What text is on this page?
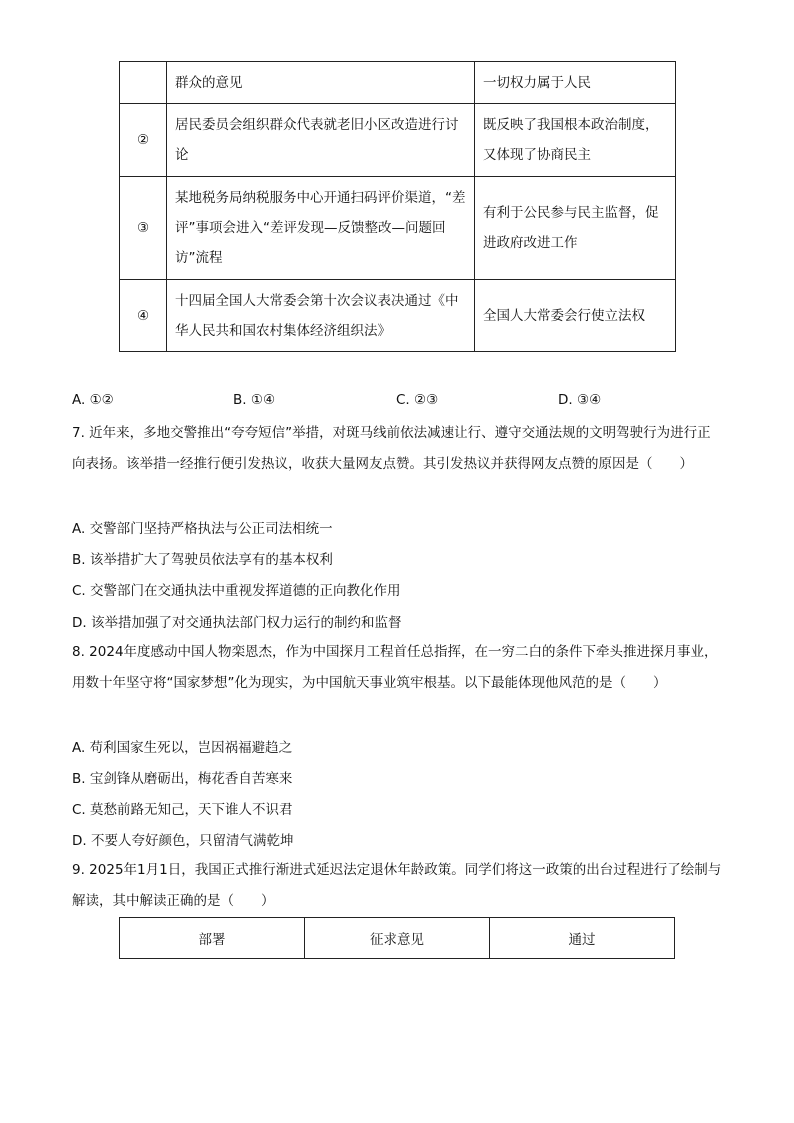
	群众的意见	一切权力属于人民
②	居民委员会组织群众代表就老旧小区改造进行讨论	既反映了我国根本政治制度，又体现了协商民主
③	某地税务局纳税服务中心开通扫码评价渠道，“差评”事项会进入“差评发现—反馈整改—问题回访”流程	有利于公民参与民主监督，促进政府改进工作
④	十四届全国人大常委会第十次会议表决通过《中华人民共和国农村集体经济组织法》	全国人大常委会行使立法权
A. ①②	B. ①④	C. ②③	D. ③④

7. 近年来，多地交警推出“夸夸短信”举措，对斑马线前依法减速让行、遵守交通法规的文明驾驶行为进行正向表扬。该举措一经推行便引发热议，收获大量网友点赞。其引发热议并获得网友点赞的原因是（　　）

A. 交警部门坚持严格执法与公正司法相统一
B. 该举措扩大了驾驶员依法享有的基本权利
C. 交警部门在交通执法中重视发挥道德的正向教化作用
D. 该举措加强了对交通执法部门权力运行的制约和监督

8. 2024年度感动中国人物栾恩杰，作为中国探月工程首任总指挥，在一穷二白的条件下牵头推进探月事业，用数十年坚守将“国家梦想”化为现实，为中国航天事业筑牢根基。以下最能体现他风范的是（　　）

A. 苟利国家生死以，岂因祸福避趋之
B. 宝剑锋从磨砺出，梅花香自苦寒来
C. 莫愁前路无知己，天下谁人不识君
D. 不要人夸好颜色，只留清气满乾坤

9. 2025年1月1日，我国正式推行渐进式延迟法定退休年龄政策。同学们将这一政策的出台过程进行了绘制与解读，其中解读正确的是（　　）

部署	征求意见	通过
